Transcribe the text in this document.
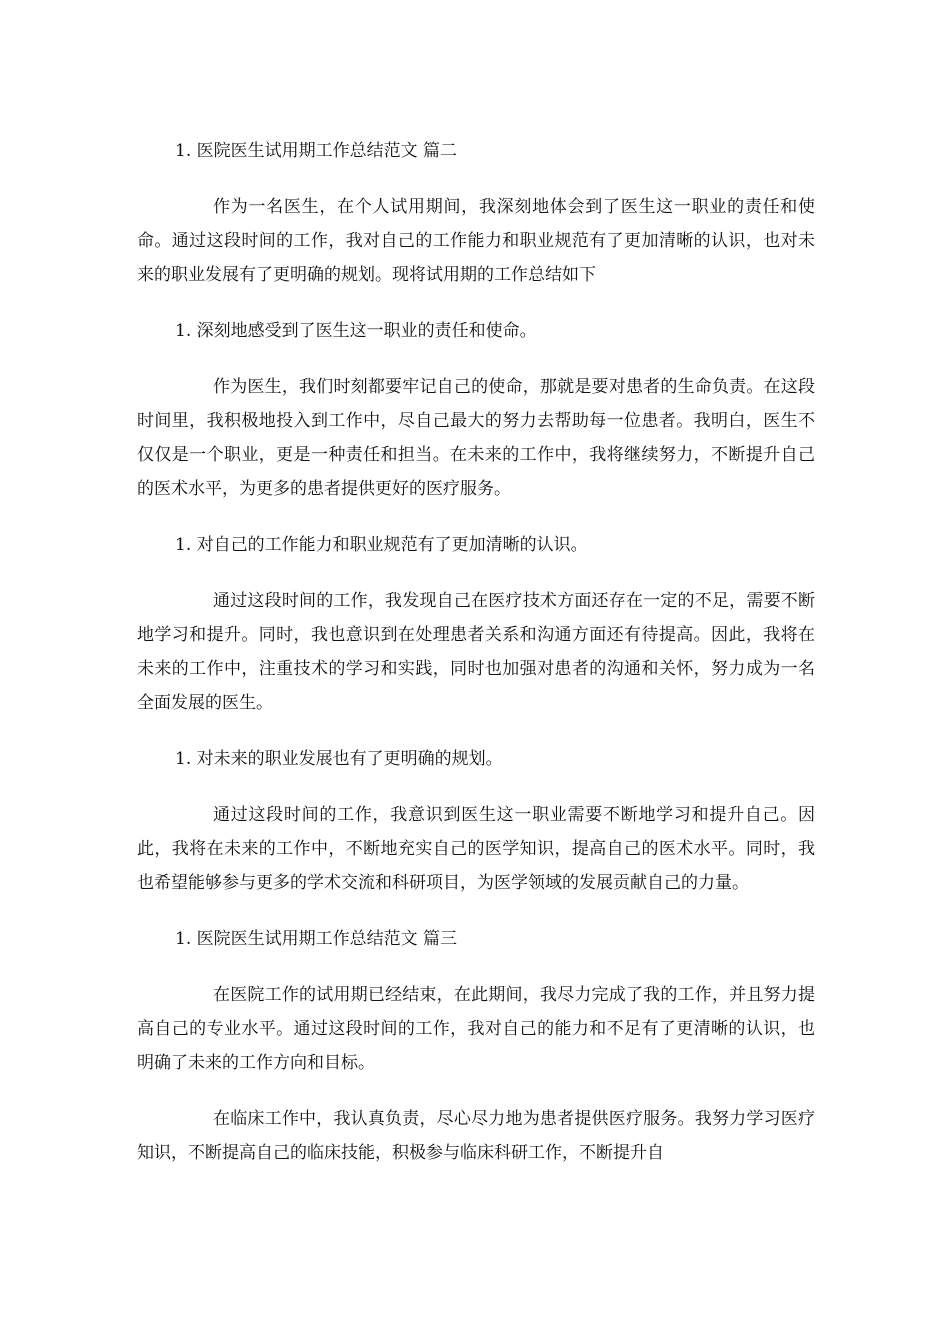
1. 医院医生试用期工作总结范文 篇二

作为一名医生，在个人试用期间，我深刻地体会到了医生这一职业的责任和使命。通过这段时间的工作，我对自己的工作能力和职业规范有了更加清晰的认识，也对未来的职业发展有了更明确的规划。现将试用期的工作总结如下

1. 深刻地感受到了医生这一职业的责任和使命。

作为医生，我们时刻都要牢记自己的使命，那就是要对患者的生命负责。在这段时间里，我积极地投入到工作中，尽自己最大的努力去帮助每一位患者。我明白，医生不仅仅是一个职业，更是一种责任和担当。在未来的工作中，我将继续努力，不断提升自己的医术水平，为更多的患者提供更好的医疗服务。

1. 对自己的工作能力和职业规范有了更加清晰的认识。

通过这段时间的工作，我发现自己在医疗技术方面还存在一定的不足，需要不断地学习和提升。同时，我也意识到在处理患者关系和沟通方面还有待提高。因此，我将在未来的工作中，注重技术的学习和实践，同时也加强对患者的沟通和关怀，努力成为一名全面发展的医生。

1. 对未来的职业发展也有了更明确的规划。

通过这段时间的工作，我意识到医生这一职业需要不断地学习和提升自己。因此，我将在未来的工作中，不断地充实自己的医学知识，提高自己的医术水平。同时，我也希望能够参与更多的学术交流和科研项目，为医学领域的发展贡献自己的力量。

1. 医院医生试用期工作总结范文 篇三

在医院工作的试用期已经结束，在此期间，我尽力完成了我的工作，并且努力提高自己的专业水平。通过这段时间的工作，我对自己的能力和不足有了更清晰的认识，也明确了未来的工作方向和目标。

在临床工作中，我认真负责，尽心尽力地为患者提供医疗服务。我努力学习医疗知识，不断提高自己的临床技能，积极参与临床科研工作，不断提升自
